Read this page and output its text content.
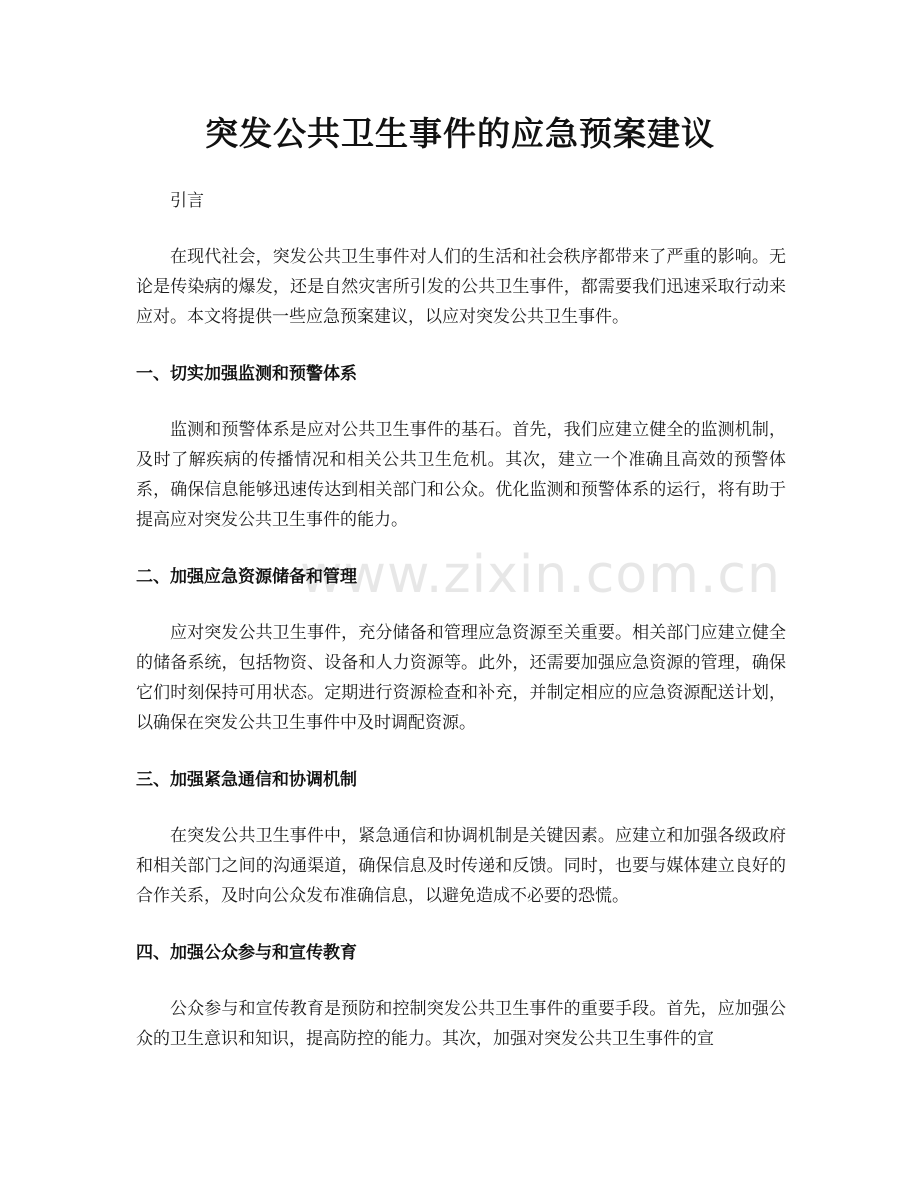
突发公共卫生事件的应急预案建议

引言

在现代社会，突发公共卫生事件对人们的生活和社会秩序都带来了严重的影响。无论是传染病的爆发，还是自然灾害所引发的公共卫生事件，都需要我们迅速采取行动来应对。本文将提供一些应急预案建议，以应对突发公共卫生事件。

一、切实加强监测和预警体系

监测和预警体系是应对公共卫生事件的基石。首先，我们应建立健全的监测机制，及时了解疾病的传播情况和相关公共卫生危机。其次，建立一个准确且高效的预警体系，确保信息能够迅速传达到相关部门和公众。优化监测和预警体系的运行，将有助于提高应对突发公共卫生事件的能力。

二、加强应急资源储备和管理

应对突发公共卫生事件，充分储备和管理应急资源至关重要。相关部门应建立健全的储备系统，包括物资、设备和人力资源等。此外，还需要加强应急资源的管理，确保它们时刻保持可用状态。定期进行资源检查和补充，并制定相应的应急资源配送计划，以确保在突发公共卫生事件中及时调配资源。

三、加强紧急通信和协调机制

在突发公共卫生事件中，紧急通信和协调机制是关键因素。应建立和加强各级政府和相关部门之间的沟通渠道，确保信息及时传递和反馈。同时，也要与媒体建立良好的合作关系，及时向公众发布准确信息，以避免造成不必要的恐慌。

四、加强公众参与和宣传教育

公众参与和宣传教育是预防和控制突发公共卫生事件的重要手段。首先，应加强公众的卫生意识和知识，提高防控的能力。其次，加强对突发公共卫生事件的宣

www.zixin.com.cn
